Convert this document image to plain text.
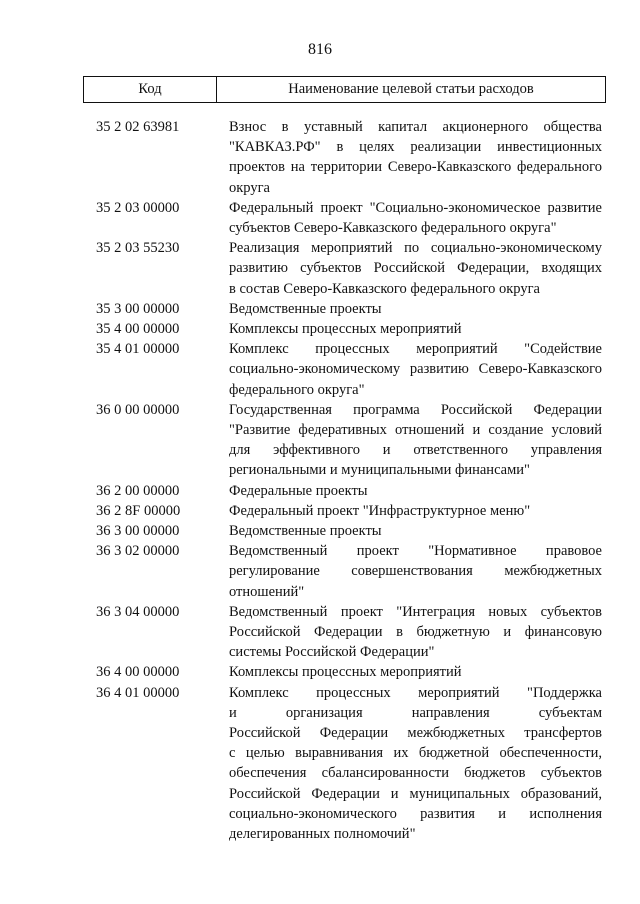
816
Код	Наименование целевой статьи расходов
35 2 02 63981	Взнос в уставный капитал акционерного общества
"КАВКАЗ.РФ" в целях реализации инвестиционных
проектов на территории Северо-Кавказского федерального
округа
35 2 03 00000	Федеральный проект "Социально-экономическое развитие
субъектов Северо-Кавказского федерального округа"
35 2 03 55230	Реализация мероприятий по социально-экономическому
развитию субъектов Российской Федерации, входящих
в состав Северо-Кавказского федерального округа
35 3 00 00000	Ведомственные проекты
35 4 00 00000	Комплексы процессных мероприятий
35 4 01 00000	Комплекс процессных мероприятий "Содействие
социально-экономическому развитию Северо-Кавказского
федерального округа"
36 0 00 00000	Государственная программа Российской Федерации
"Развитие федеративных отношений и создание условий
для эффективного и ответственного управления
региональными и муниципальными финансами"
36 2 00 00000	Федеральные проекты
36 2 8F 00000	Федеральный проект "Инфраструктурное меню"
36 3 00 00000	Ведомственные проекты
36 3 02 00000	Ведомственный проект "Нормативное правовое
регулирование совершенствования межбюджетных
отношений"
36 3 04 00000	Ведомственный проект "Интеграция новых субъектов
Российской Федерации в бюджетную и финансовую
системы Российской Федерации"
36 4 00 00000	Комплексы процессных мероприятий
36 4 01 00000	Комплекс процессных мероприятий "Поддержка
и организация направления субъектам
Российской Федерации межбюджетных трансфертов
с целью выравнивания их бюджетной обеспеченности,
обеспечения сбалансированности бюджетов субъектов
Российской Федерации и муниципальных образований,
социально-экономического развития и исполнения
делегированных полномочий"
